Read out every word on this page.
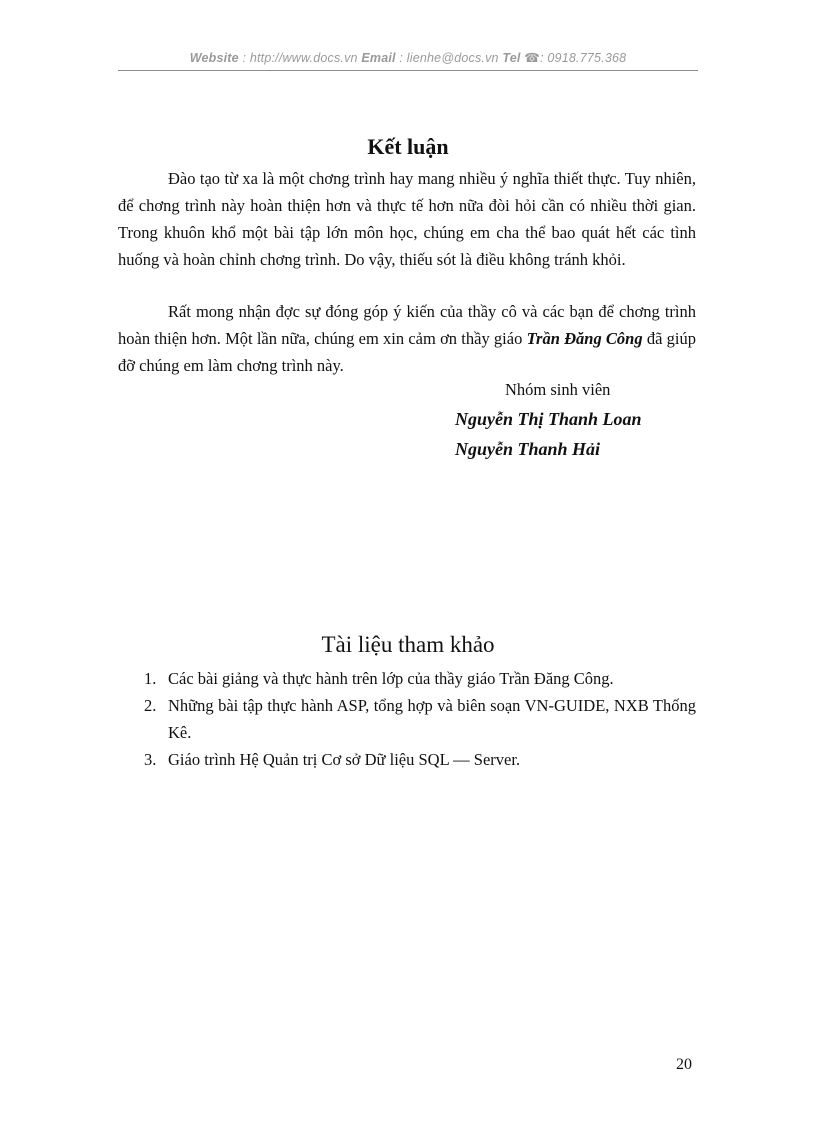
Website : http://www.docs.vn Email : lienhe@docs.vn Tel ☎: 0918.775.368
Kết luận

Đào tạo từ xa là một chơng trình hay mang nhiều ý nghĩa thiết thực. Tuy nhiên, để chơng trình này hoàn thiện hơn và thực tế hơn nữa đòi hỏi cần có nhiều thời gian. Trong khuôn khổ một bài tập lớn môn học, chúng em cha thể bao quát hết các tình huống và hoàn chỉnh chơng trình. Do vậy, thiếu sót là điều không tránh khỏi.

Rất mong nhận đợc sự đóng góp ý kiến của thầy cô và các bạn để chơng trình hoàn thiện hơn. Một lần nữa, chúng em xin cảm ơn thầy giáo Trần Đăng Công đã giúp đỡ chúng em làm chơng trình này.

Nhóm sinh viên

Nguyễn Thị Thanh Loan

Nguyễn Thanh Hải

Tài liệu tham khảo
1. Các bài giảng và thực hành trên lớp của thầy giáo Trần Đăng Công.
2. Những bài tập thực hành ASP, tổng hợp và biên soạn VN-GUIDE, NXB Thống Kê.
3. Giáo trình Hệ Quản trị Cơ sở Dữ liệu SQL — Server.
20
